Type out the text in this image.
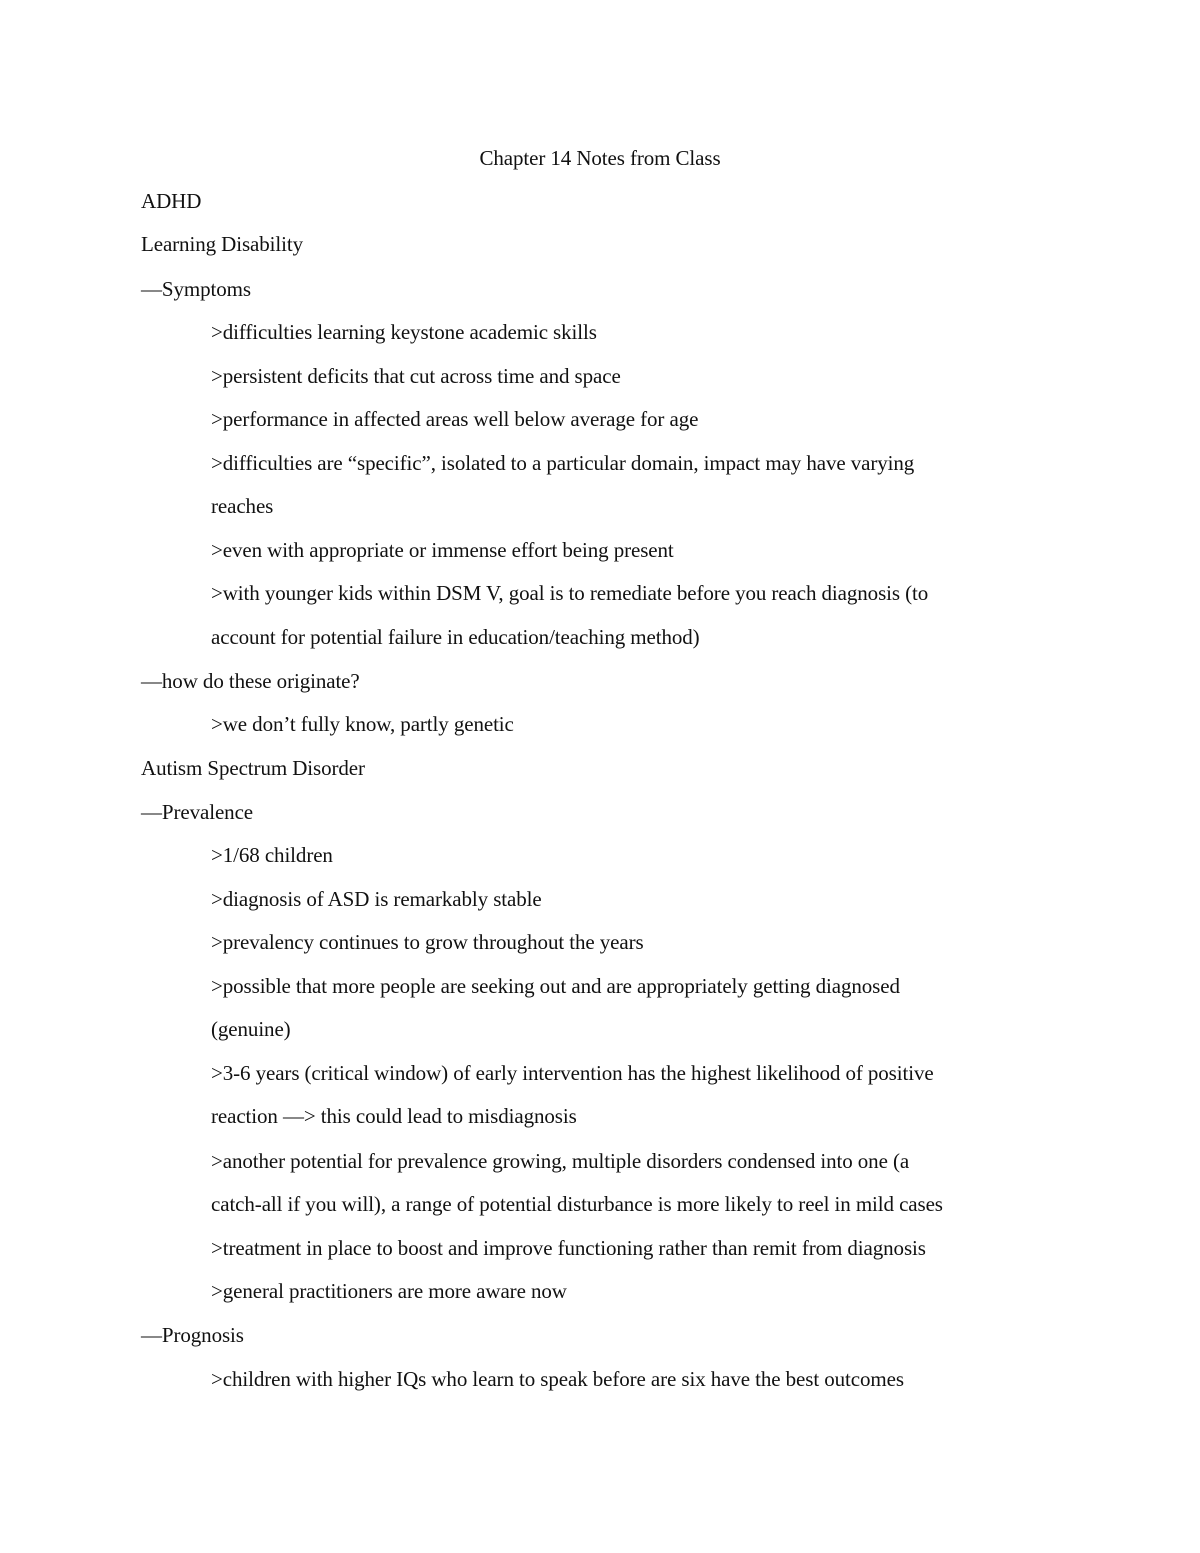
Chapter 14 Notes from Class
ADHD
Learning Disability
—Symptoms
>difficulties learning keystone academic skills
>persistent deficits that cut across time and space
>performance in affected areas well below average for age
>difficulties are “specific”, isolated to a particular domain, impact may have varying
reaches
>even with appropriate or immense effort being present
>with younger kids within DSM V, goal is to remediate before you reach diagnosis (to
account for potential failure in education/teaching method)
—how do these originate?
>we don’t fully know, partly genetic
Autism Spectrum Disorder
—Prevalence
>1/68 children
>diagnosis of ASD is remarkably stable
>prevalency continues to grow throughout the years
>possible that more people are seeking out and are appropriately getting diagnosed
(genuine)
>3-6 years (critical window) of early intervention has the highest likelihood of positive
reaction —> this could lead to misdiagnosis
>another potential for prevalence growing, multiple disorders condensed into one (a
catch-all if you will), a range of potential disturbance is more likely to reel in mild cases
>treatment in place to boost and improve functioning rather than remit from diagnosis
>general practitioners are more aware now
—Prognosis
>children with higher IQs who learn to speak before are six have the best outcomes
